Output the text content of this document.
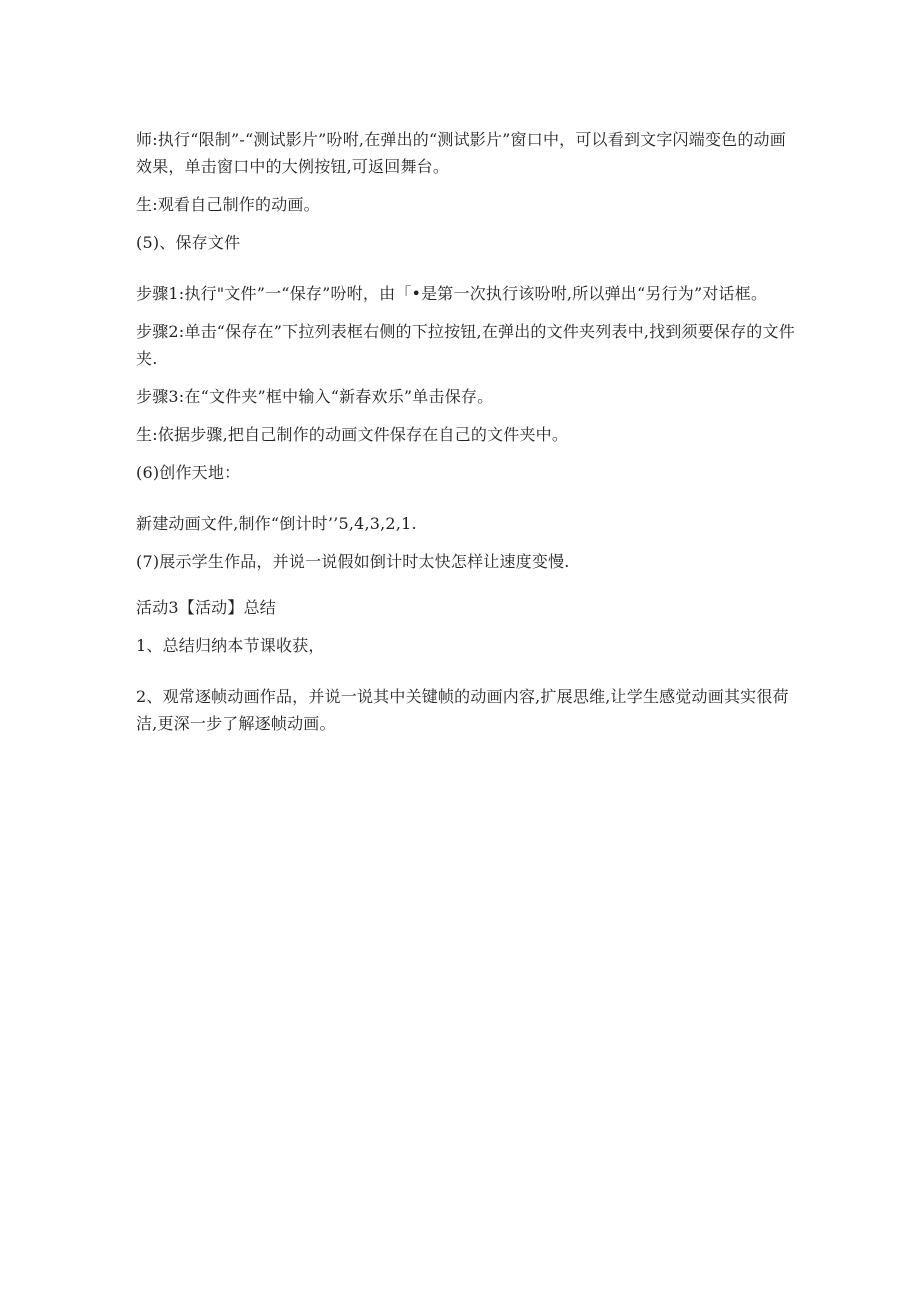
师:执行“限制”-“测试影片”吩咐,在弹出的“测试影片”窗口中，可以看到文字闪端变色的动画效果，单击窗口中的大例按钮,可返回舞台。

生:观看自己制作的动画。

(5)、保存文件

步骤1:执行"文件”一“保存”吩咐，由「•是第一次执行该吩咐,所以弹出“另行为”对话框。

步骤2:单击“保存在”下拉列表框右侧的下拉按钮,在弹出的文件夹列表中,找到须要保存的文件夹.

步骤3:在“文件夹”框中输入“新春欢乐”单击保存。

生:依据步骤,把自己制作的动画文件保存在自己的文件夹中。

(6)创作天地：

新建动画文件,制作“倒计时’’5,4,3,2,1.

(7)展示学生作品，并说一说假如倒计时太快怎样让速度变慢.

活动3【活动】总结

1、总结归纳本节课收获，

2、观常逐帧动画作品，并说一说其中关键帧的动画内容,扩展思维,让学生感觉动画其实很荷洁,更深一步了解逐帧动画。
